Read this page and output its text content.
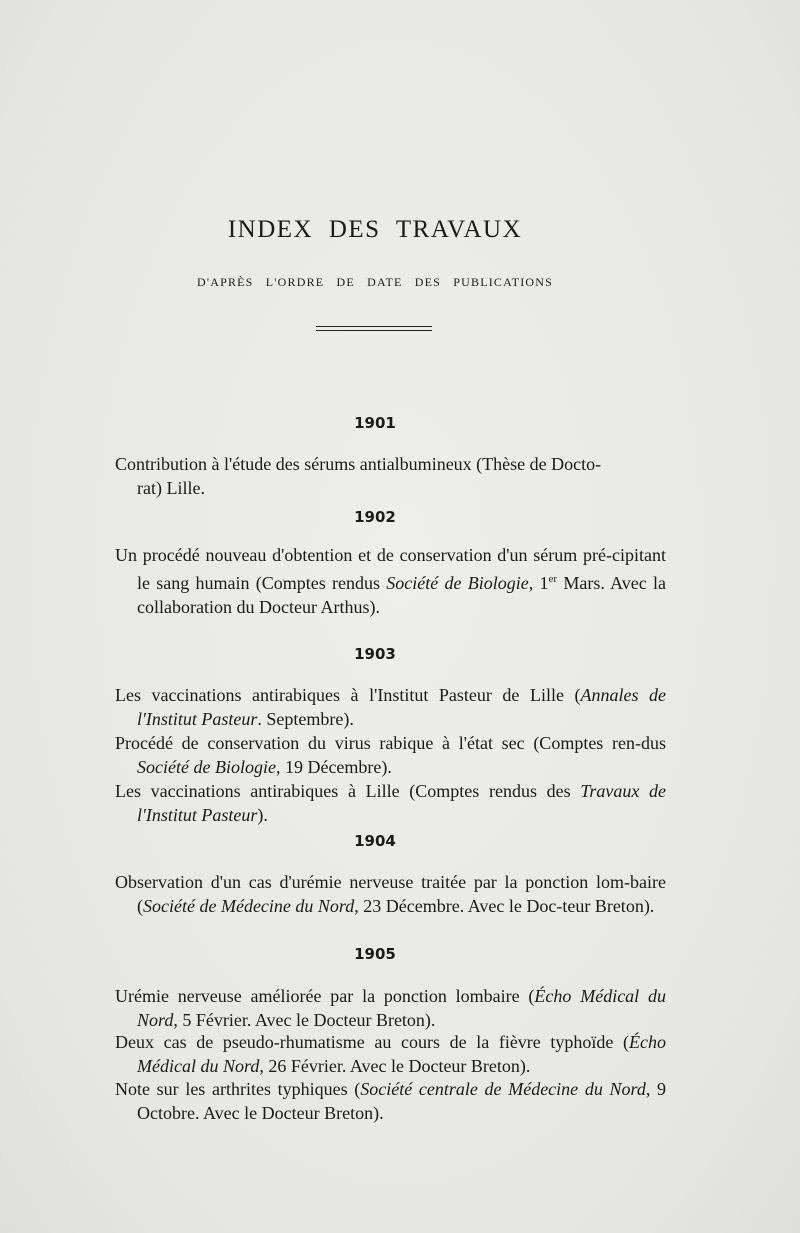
INDEX DES TRAVAUX

D'APRÈS L'ORDRE DE DATE DES PUBLICATIONS

1901

Contribution à l'étude des sérums antialbumineux (Thèse de Docto-
rat) Lille.

1902

Un procédé nouveau d'obtention et de conservation d'un sérum pré-cipitant le sang humain (Comptes rendus Société de Biologie, 1er Mars. Avec la collaboration du Docteur Arthus).

1903

Les vaccinations antirabiques à l'Institut Pasteur de Lille (Annales de l'Institut Pasteur. Septembre).

Procédé de conservation du virus rabique à l'état sec (Comptes ren-dus Société de Biologie, 19 Décembre).

Les vaccinations antirabiques à Lille (Comptes rendus des Travaux de l'Institut Pasteur).

1904

Observation d'un cas d'urémie nerveuse traitée par la ponction lom-baire (Société de Médecine du Nord, 23 Décembre. Avec le Doc-teur Breton).

1905

Urémie nerveuse améliorée par la ponction lombaire (Écho Médical du Nord, 5 Février. Avec le Docteur Breton).

Deux cas de pseudo-rhumatisme au cours de la fièvre typhoïde (Écho Médical du Nord, 26 Février. Avec le Docteur Breton).

Note sur les arthrites typhiques (Société centrale de Médecine du Nord, 9 Octobre. Avec le Docteur Breton).
